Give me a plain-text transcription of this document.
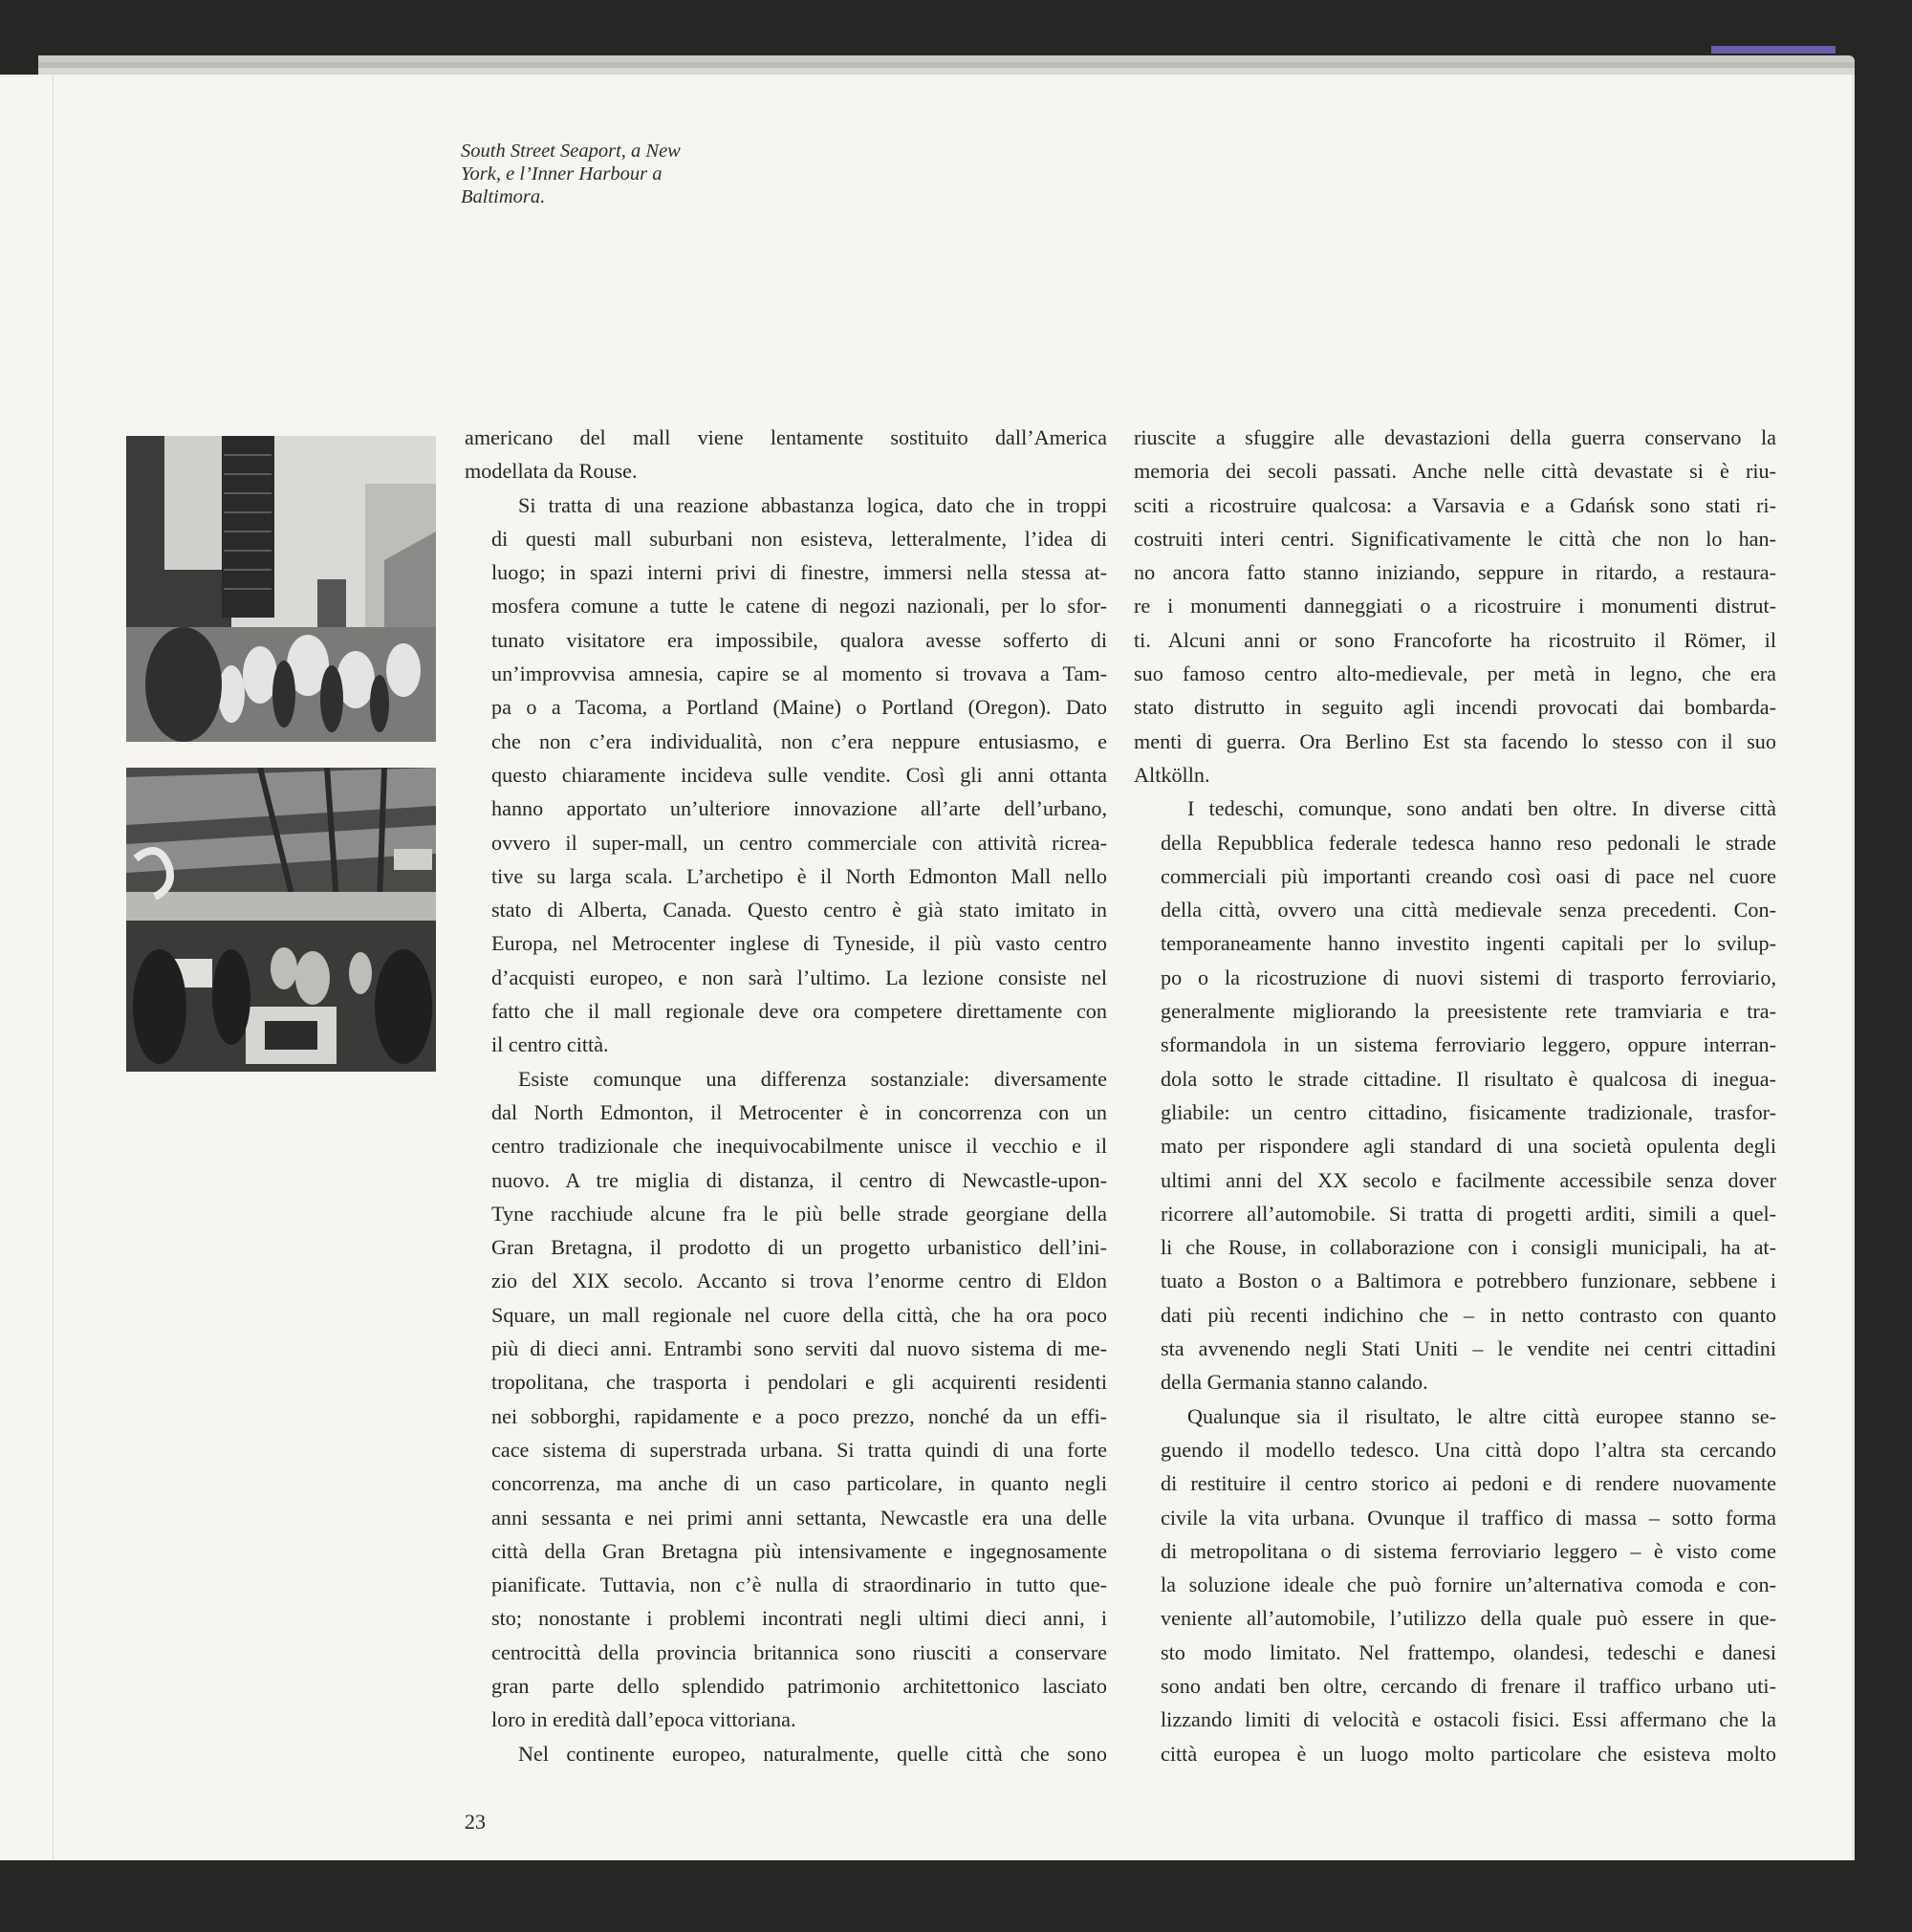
South Street Seaport, a New
York, e l’Inner Harbour a
Baltimora.

americano del mall viene lentamente sostituito dall’America
modellata da Rouse.

Si tratta di una reazione abbastanza logica, dato che in troppi
di questi mall suburbani non esisteva, letteralmente, l’idea di
luogo; in spazi interni privi di finestre, immersi nella stessa at-
mosfera comune a tutte le catene di negozi nazionali, per lo sfor-
tunato visitatore era impossibile, qualora avesse sofferto di
un’improvvisa amnesia, capire se al momento si trovava a Tam-
pa o a Tacoma, a Portland (Maine) o Portland (Oregon). Dato
che non c’era individualità, non c’era neppure entusiasmo, e
questo chiaramente incideva sulle vendite. Così gli anni ottanta
hanno apportato un’ulteriore innovazione all’arte dell’urbano,
ovvero il super-mall, un centro commerciale con attività ricrea-
tive su larga scala. L’archetipo è il North Edmonton Mall nello
stato di Alberta, Canada. Questo centro è già stato imitato in
Europa, nel Metrocenter inglese di Tyneside, il più vasto centro
d’acquisti europeo, e non sarà l’ultimo. La lezione consiste nel
fatto che il mall regionale deve ora competere direttamente con
il centro città.

Esiste comunque una differenza sostanziale: diversamente
dal North Edmonton, il Metrocenter è in concorrenza con un
centro tradizionale che inequivocabilmente unisce il vecchio e il
nuovo. A tre miglia di distanza, il centro di Newcastle-upon-
Tyne racchiude alcune fra le più belle strade georgiane della
Gran Bretagna, il prodotto di un progetto urbanistico dell’ini-
zio del XIX secolo. Accanto si trova l’enorme centro di Eldon
Square, un mall regionale nel cuore della città, che ha ora poco
più di dieci anni. Entrambi sono serviti dal nuovo sistema di me-
tropolitana, che trasporta i pendolari e gli acquirenti residenti
nei sobborghi, rapidamente e a poco prezzo, nonché da un effi-
cace sistema di superstrada urbana. Si tratta quindi di una forte
concorrenza, ma anche di un caso particolare, in quanto negli
anni sessanta e nei primi anni settanta, Newcastle era una delle
città della Gran Bretagna più intensivamente e ingegnosamente
pianificate. Tuttavia, non c’è nulla di straordinario in tutto que-
sto; nonostante i problemi incontrati negli ultimi dieci anni, i
centrocittà della provincia britannica sono riusciti a conservare
gran parte dello splendido patrimonio architettonico lasciato
loro in eredità dall’epoca vittoriana.

Nel continente europeo, naturalmente, quelle città che sono

riuscite a sfuggire alle devastazioni della guerra conservano la
memoria dei secoli passati. Anche nelle città devastate si è riu-
sciti a ricostruire qualcosa: a Varsavia e a Gdańsk sono stati ri-
costruiti interi centri. Significativamente le città che non lo han-
no ancora fatto stanno iniziando, seppure in ritardo, a restaura-
re i monumenti danneggiati o a ricostruire i monumenti distrut-
ti. Alcuni anni or sono Francoforte ha ricostruito il Römer, il
suo famoso centro alto-medievale, per metà in legno, che era
stato distrutto in seguito agli incendi provocati dai bombarda-
menti di guerra. Ora Berlino Est sta facendo lo stesso con il suo
Altkölln.

I tedeschi, comunque, sono andati ben oltre. In diverse città
della Repubblica federale tedesca hanno reso pedonali le strade
commerciali più importanti creando così oasi di pace nel cuore
della città, ovvero una città medievale senza precedenti. Con-
temporaneamente hanno investito ingenti capitali per lo svilup-
po o la ricostruzione di nuovi sistemi di trasporto ferroviario,
generalmente migliorando la preesistente rete tramviaria e tra-
sformandola in un sistema ferroviario leggero, oppure interran-
dola sotto le strade cittadine. Il risultato è qualcosa di inegua-
gliabile: un centro cittadino, fisicamente tradizionale, trasfor-
mato per rispondere agli standard di una società opulenta degli
ultimi anni del XX secolo e facilmente accessibile senza dover
ricorrere all’automobile. Si tratta di progetti arditi, simili a quel-
li che Rouse, in collaborazione con i consigli municipali, ha at-
tuato a Boston o a Baltimora e potrebbero funzionare, sebbene i
dati più recenti indichino che – in netto contrasto con quanto
sta avvenendo negli Stati Uniti – le vendite nei centri cittadini
della Germania stanno calando.

Qualunque sia il risultato, le altre città europee stanno se-
guendo il modello tedesco. Una città dopo l’altra sta cercando
di restituire il centro storico ai pedoni e di rendere nuovamente
civile la vita urbana. Ovunque il traffico di massa – sotto forma
di metropolitana o di sistema ferroviario leggero – è visto come
la soluzione ideale che può fornire un’alternativa comoda e con-
veniente all’automobile, l’utilizzo della quale può essere in que-
sto modo limitato. Nel frattempo, olandesi, tedeschi e danesi
sono andati ben oltre, cercando di frenare il traffico urbano uti-
lizzando limiti di velocità e ostacoli fisici. Essi affermano che la
città europea è un luogo molto particolare che esisteva molto

23
